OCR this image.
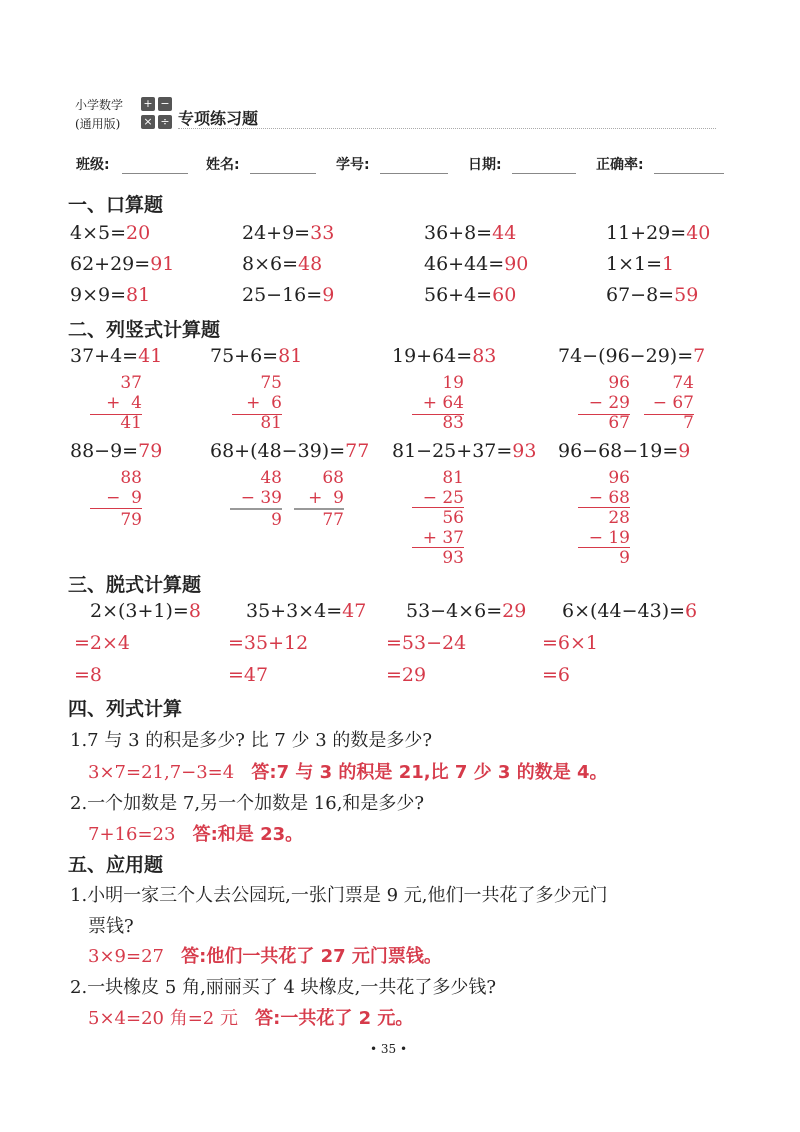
小学数学
(通用版)
+ −
× ÷ 专项练习题
班级:	姓名:	学号:	日期:	正确率:
一、口算题
4×5=20	24+9=33	36+8=44	11+29=40
62+29=91	8×6=48	46+44=90	1×1=1
9×9=81	25−16=9	56+4=60	67−8=59
二、列竖式计算题
37+4=41	75+6=81	19+64=83	74−(96−29)=7
37
+  4
41
75
+  6
81
19
+ 64
83
96
− 29
67
74
− 67
7
88−9=79	68+(48−39)=77 81−25+37=93 96−68−19=9
88
−  9
79
48
− 39
9
68
+  9
77
81
− 25
56
+ 37
93
96
− 68
28
− 19
9
三、脱式计算题
2×(3+1)=8 35+3×4=47 53−4×6=29 6×(44−43)=6
=2×4	=35+12	=53−24	=6×1
=8	=47	=29	=6
四、列式计算
1.7 与 3 的积是多少? 比 7 少 3 的数是多少?
3×7=21,7−3=4 答:7 与 3 的积是 21,比 7 少 3 的数是 4。
2.一个加数是 7,另一个加数是 16,和是多少?
7+16=23 答:和是 23。
五、应用题
1.小明一家三个人去公园玩,一张门票是 9 元,他们一共花了多少元门
票钱?
3×9=27 答:他们一共花了 27 元门票钱。
2.一块橡皮 5 角,丽丽买了 4 块橡皮,一共花了多少钱?
5×4=20 角=2 元 答:一共花了 2 元。
• 35 •
